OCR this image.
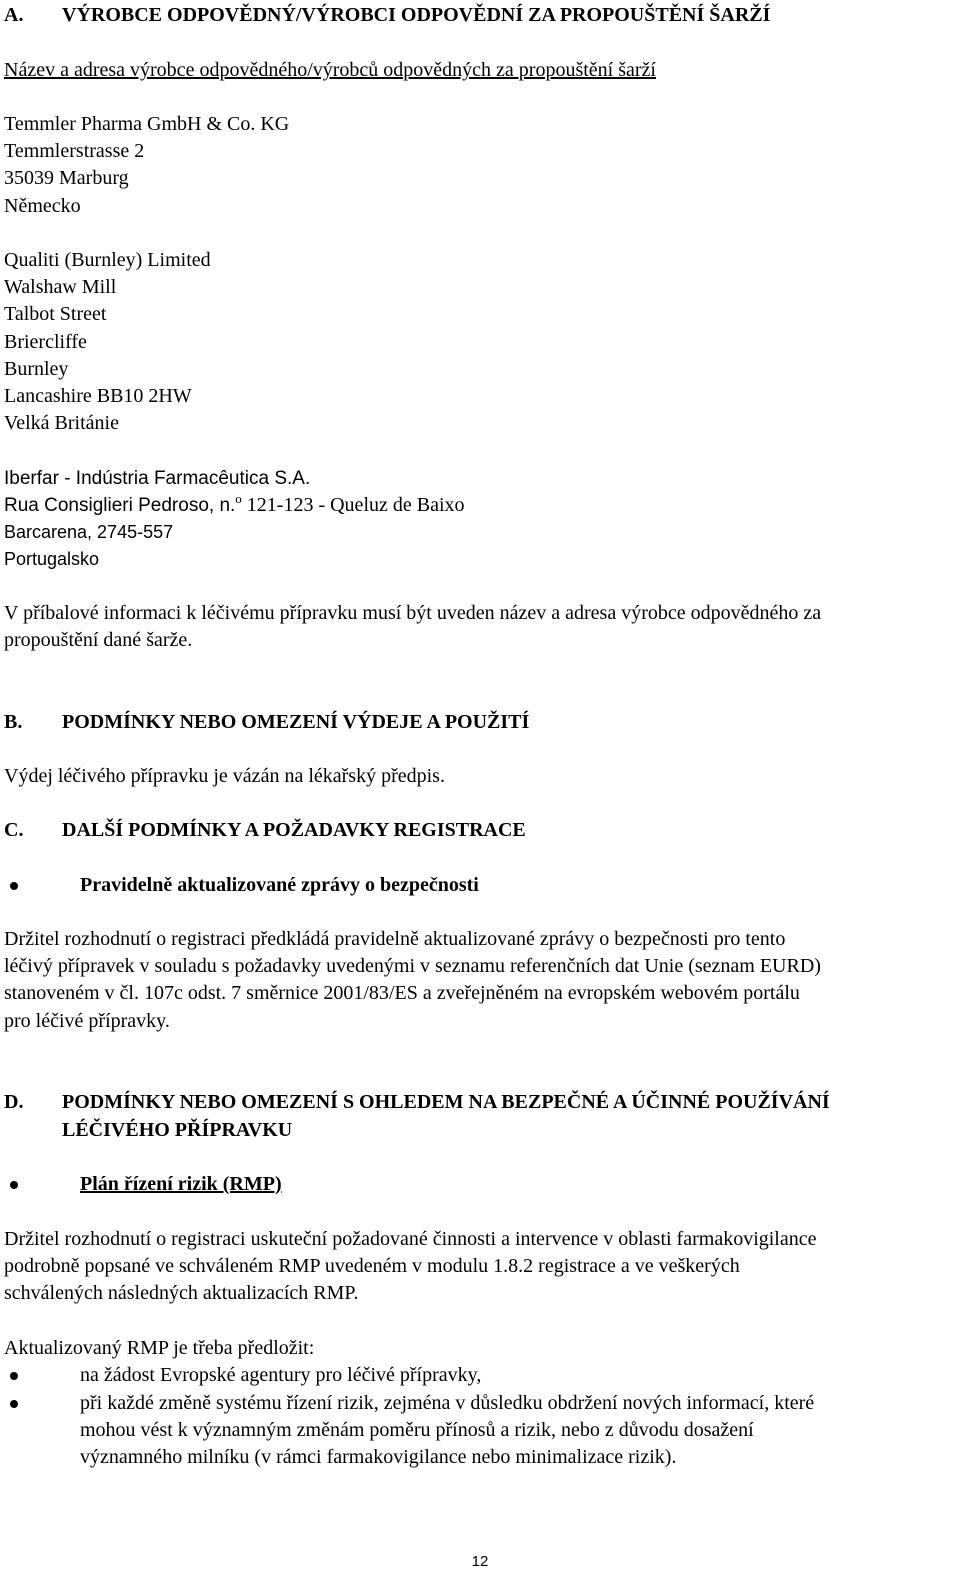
A. VÝROBCE ODPOVĚDNÝ/VÝROBCI ODPOVĚDNÍ ZA PROPOUŠTĚNÍ ŠARŽÍ
Název a adresa výrobce odpovědného/výrobců odpovědných za propouštění šarží
Temmler Pharma GmbH & Co. KG
Temmlerstrasse 2
35039 Marburg
Německo
Qualiti (Burnley) Limited
Walshaw Mill
Talbot Street
Briercliffe
Burnley
Lancashire BB10 2HW
Velká Británie
Iberfar - Indústria Farmacêutica S.A.
Rua Consiglieri Pedroso, n.$^o$ 121-123 - Queluz de Baixo
Barcarena, 2745-557
Portugalsko
V příbalové informaci k léčivému přípravku musí být uveden název a adresa výrobce odpovědného za
propouštění dané šarže.
B. PODMÍNKY NEBO OMEZENÍ VÝDEJE A POUŽITÍ
Výdej léčivého přípravku je vázán na lékařský předpis.
C. DALŠÍ PODMÍNKY A POŽADAVKY REGISTRACE
Pravidelně aktualizované zprávy o bezpečnosti
Držitel rozhodnutí o registraci předkládá pravidelně aktualizované zprávy o bezpečnosti pro tento
léčivý přípravek v souladu s požadavky uvedenými v seznamu referenčních dat Unie (seznam EURD)
stanoveném v čl. 107c odst. 7 směrnice 2001/83/ES a zveřejněném na evropském webovém portálu
pro léčivé přípravky.
D. PODMÍNKY NEBO OMEZENÍ S OHLEDEM NA BEZPEČNÉ A ÚČINNÉ POUŽÍVÁNÍ
LÉČIVÉHO PŘÍPRAVKU
Plán řízení rizik (RMP)
Držitel rozhodnutí o registraci uskuteční požadované činnosti a intervence v oblasti farmakovigilance
podrobně popsané ve schváleném RMP uvedeném v modulu 1.8.2 registrace a ve veškerých
schválených následných aktualizacích RMP.
Aktualizovaný RMP je třeba předložit:
na žádost Evropské agentury pro léčivé přípravky,
při každé změně systému řízení rizik, zejména v důsledku obdržení nových informací, které
mohou vést k významným změnám poměru přínosů a rizik, nebo z důvodu dosažení
významného milníku (v rámci farmakovigilance nebo minimalizace rizik).
12
